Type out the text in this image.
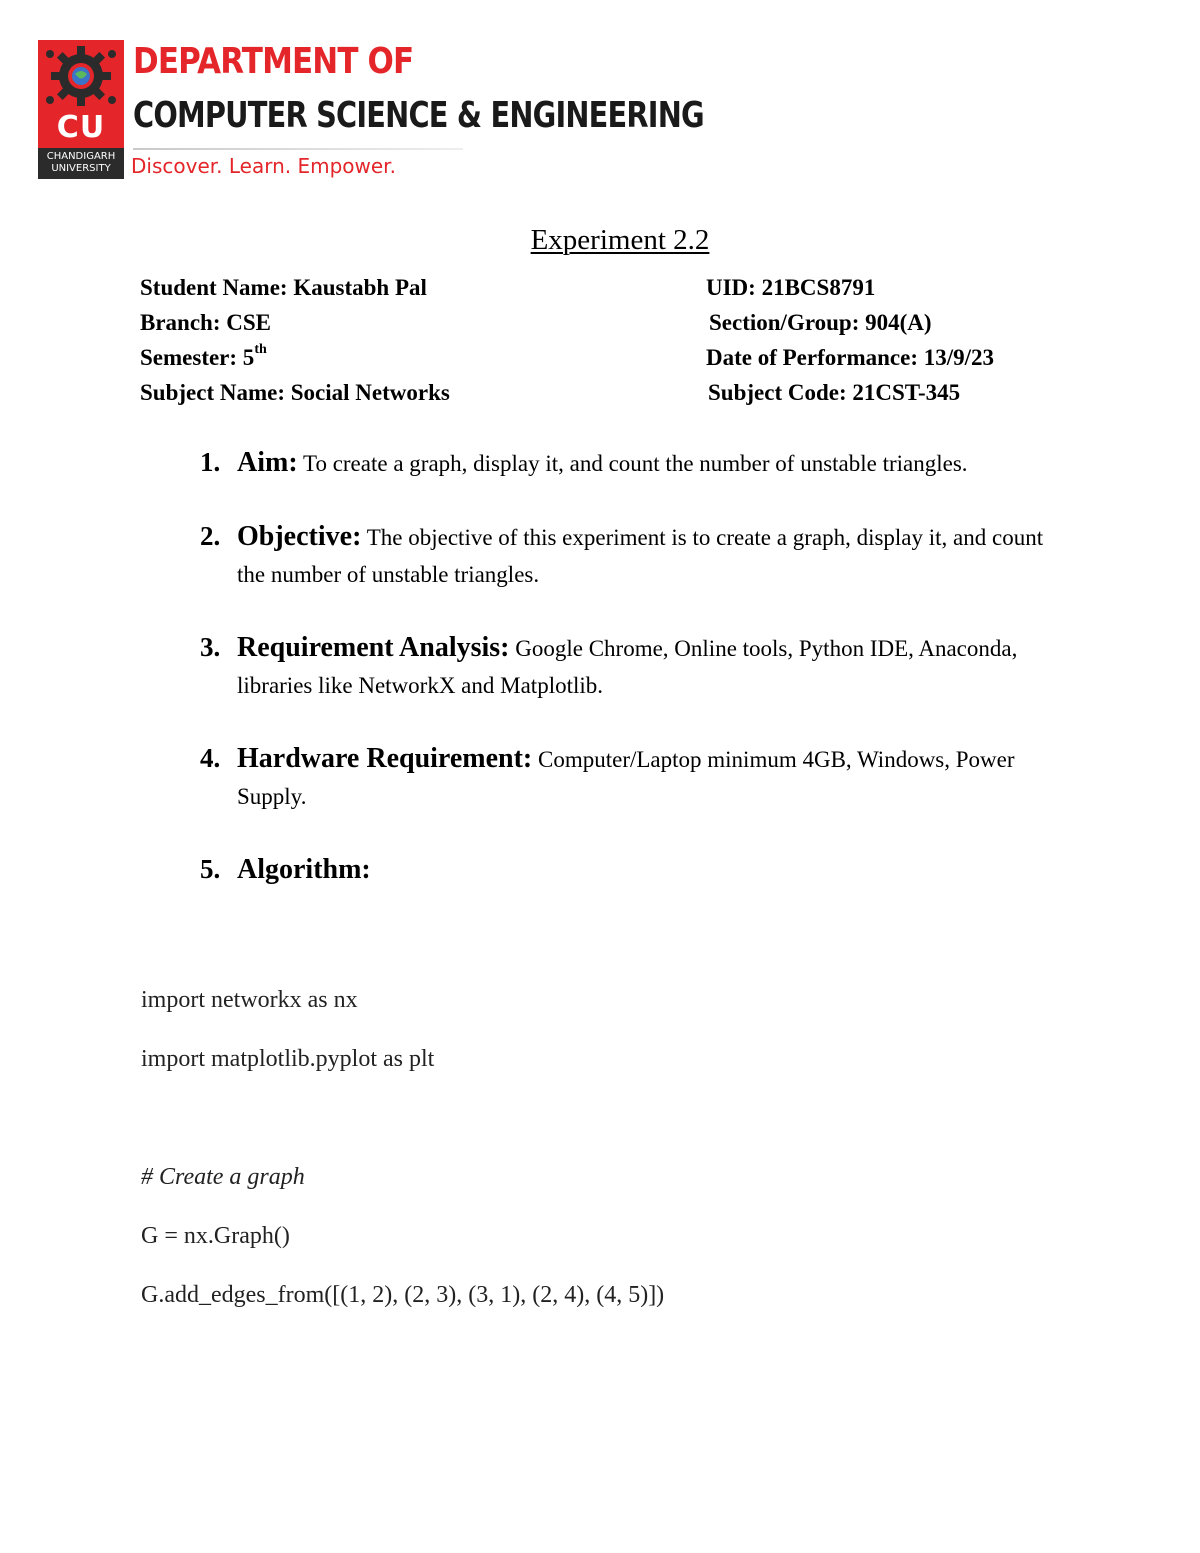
CU
CHANDIGARH
UNIVERSITY
DEPARTMENT OF
COMPUTER SCIENCE & ENGINEERING
Discover. Learn. Empower.
Experiment 2.2
Student Name: Kaustabh Pal	UID: 21BCS8791
Branch: CSE	Section/Group: 904(A)
Semester: 5th	Date of Performance: 13/9/23
Subject Name: Social Networks	Subject Code: 21CST-345
1. Aim: To create a graph, display it, and count the number of unstable triangles.
2. Objective: The objective of this experiment is to create a graph, display it, and count the number of unstable triangles.
3. Requirement Analysis: Google Chrome, Online tools, Python IDE, Anaconda, libraries like NetworkX and Matplotlib.
4. Hardware Requirement: Computer/Laptop minimum 4GB, Windows, Power Supply.
5. Algorithm:
import networkx as nx
import matplotlib.pyplot as plt
# Create a graph
G = nx.Graph()
G.add_edges_from([(1, 2), (2, 3), (3, 1), (2, 4), (4, 5)])
